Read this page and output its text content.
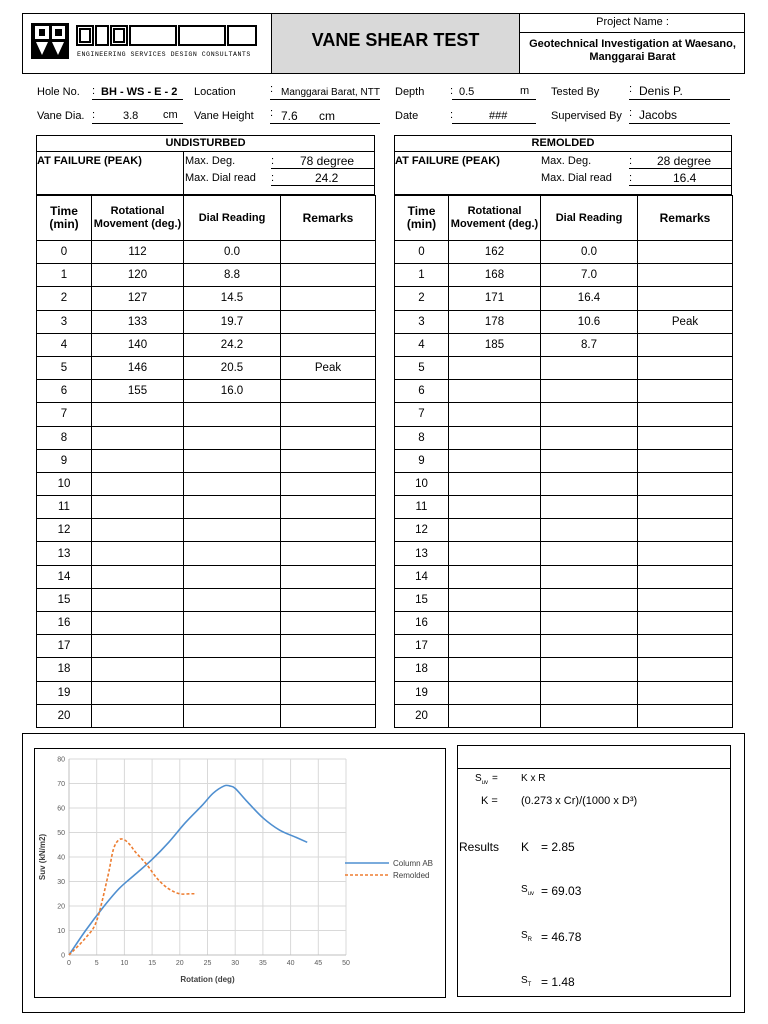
ENGINEERING SERVICES DESIGN CONSULTANTS
VANE SHEAR TEST
Project Name :
Geotechnical Investigation at Waesano, Manggarai Barat
Hole No. : BH - WS - E - 2 Location	: Manggarai Barat, NTT Depth : 0.5	m Tested By	: Denis P.
Vane Dia. :	3.8 cm Vane Height : 7.6 cm	Date	:	###	Supervised By : Jacobs
UNDISTURBED
AT FAILURE (PEAK)	Max. Deg.	: 78 degree
Max. Dial read :	24.2
Time (min)	Rotational Movement (deg.)	Dial Reading	Remarks
0	112	0.0	
1	120	8.8	
2	127	14.5	
3	133	19.7	
4	140	24.2	
5	146	20.5	Peak
6	155	16.0	
7			
8			
9			
10			
11			
12			
13			
14			
15			
16			
17			
18			
19			
20			
REMOLDED
AT FAILURE (PEAK)	Max. Deg.	: 28 degree
Max. Dial read :	16.4
Time (min)	Rotational Movement (deg.)	Dial Reading	Remarks
0	162	0.0	
1	168	7.0	
2	171	16.4	
3	178	10.6	Peak
4	185	8.7	
5			
6			
7			
8			
9			
10			
11			
12			
13			
14			
15			
16			
17			
18			
19			
20			
0
10
20
30
40
50
60
70
80
0	5	10	15	20	25	30	35	40	45	50
Rotation (deg)
Suv (kN/m2)	Column AB
Remolded
$S_{uv} = K$ x R
K = (0.273 x Cr)/(1000 x D³)
Results K = 2.85
$S_{uv} = 69.03$
$S_R = 46.78$
$S_T = 1.48$
